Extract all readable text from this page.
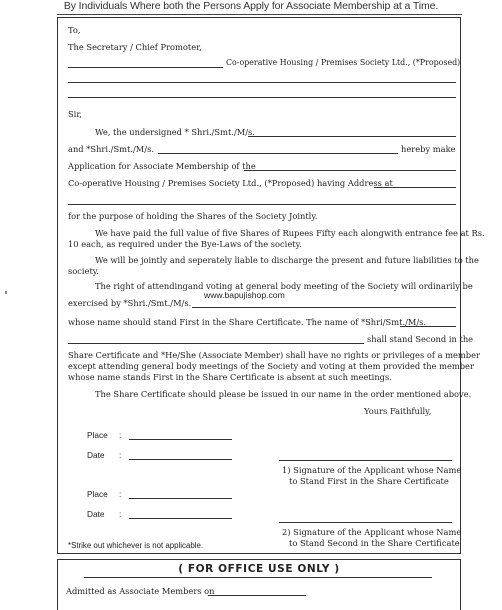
By Individuals Where both the Persons Apply for Associate Membership at a Time.
To,
The Secretary / Chief Promoter,
Co-operative Housing / Premises Society Ltd., (*Proposed)
Sir,
We, the undersigned * Shri./Smt./M/s.
and *Shri./Smt./M/s.	hereby make
Application for Associate Membership of the
Co-operative Housing / Premises Society Ltd., (*Proposed) having Address at
for the purpose of holding the Shares of the Society Jointly.
We have paid the full value of five Shares of Rupees Fifty each alongwith entrance fee at Rs.
10 each, as required under the Bye-Laws of the society.
We will be jointly and seperately liable to discharge the present and future liabilities to the
society.
The right of attendingand voting at general body meeting of the Society will ordinarily be
exercised by *Shri./Smt./M/s.
www.bapujishop.com
whose name should stand First in the Share Certificate. The name of *Shri/Smt./M/s.
shall stand Second in the
Share Certificate and *He/She (Associate Member) shall have no rights or privileges of a member
except attending general body meetings of the Society and voting at them provided the member
whose name stands First in the Share Certificate is absent at such meetings.
The Share Certificate should please be issued in our name in the order mentioned above.
Yours Faithfully,
Place :
Date :
1) Signature of the Applicant whose Name
to Stand First in the Share Certificate
Place :
Date :
2) Signature of the Applicant whose Name
to Stand Second in the Share Certificate
*Strike out whichever is not applicable.
( FOR OFFICE USE ONLY )
Admitted as Associate Members on
